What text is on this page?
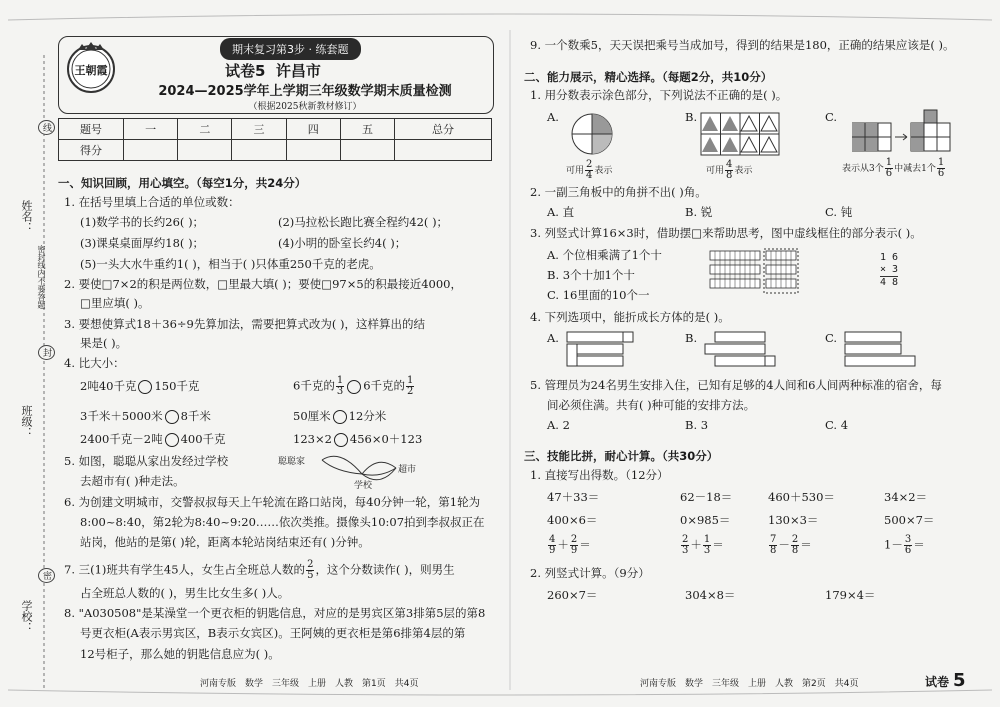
姓名：
班级：
学校：
密封线内不要答题
线
封
密
王朝霞
期末复习第3步 · 练套题
试卷5 许昌市
2024—2025学年上学期三年级数学期末质量检测
（根据2025秋新教材修订）
题号	一	二	三	四	五	总分
得分						
一、知识回顾，用心填空。（每空1分，共24分）
1. 在括号里填上合适的单位或数：
(1)数学书的长约26( )；	(2)马拉松长跑比赛全程约42( )；
(3)课桌桌面厚约18( )；	(4)小明的卧室长约4( )；
(5)一头大水牛重约1( )，相当于( )只体重250千克的老虎。
2. 要使□7×2的积是两位数，□里最大填( )；要使□97×5的积最接近4000，
□里应填( )。
3. 要想使算式18＋36÷9先算加法，需要把算式改为( )，这样算出的结
果是( )。
4. 比大小：
2吨40千克 150千克	6千克的 $\frac{1}{3} 6$千克的 $\frac{1}{2}$
3千米＋5000米 8千米	50厘米 12分米
2400千克－2吨 400千克	123×2 456×0＋123
5. 如图，聪聪从家出发经过学校
去超市有( )种走法。
聪聪家
超市
学校
6. 为创建文明城市，交警叔叔每天上午轮流在路口站岗，每40分钟一轮，第1轮为
8:00~8:40，第2轮为8:40~9:20……依次类推。摄像头10:07拍到李叔叔正在
站岗，他站的是第( )轮，距离本轮站岗结束还有( )分钟。
7. 三(1)班共有学生45人，女生占全班总人数的 $\frac{2}{5}$ ，这个分数读作( )，则男生
占全班总人数的( )，男生比女生多( )人。
8. "A030508"是某澡堂一个更衣柜的钥匙信息，对应的是男宾区第3排第5层的第8
号更衣柜(A表示男宾区，B表示女宾区)。王阿姨的更衣柜是第6排第4层的第
12号柜子，那么她的钥匙信息应为( )。
河南专版　数学　三年级　上册　人教　第1页　共4页
9. 一个数乘5，天天误把乘号当成加号，得到的结果是180，正确的结果应该是( )。
二、能力展示，精心选择。（每题2分，共10分）
1. 用分数表示涂色部分，下列说法不正确的是( )。
A.	B.	C.
可用 $\frac{2}{4}$ 表示	可用 $\frac{4}{8}$ 表示	表示从3个 $\frac{1}{6}$ 中减去1个 $\frac{1}{6}$
2. 一副三角板中的角拼不出( )角。
A. 直	B. 锐	C. 钝
3. 列竖式计算16×3时，借助摆□来帮助思考，图中虚线框住的部分表示( )。
A. 个位相乘满了1个十
B. 3个十加1个十
C. 16里面的10个一
1 6
× 3
4 8
4. 下列选项中，能折成长方体的是( )。
A.	B.	C.
5. 管理员为24名男生安排入住，已知有足够的4人间和6人间两种标准的宿舍，每
间必须住满。共有( )种可能的安排方法。
A. 2	B. 3	C. 4
三、技能比拼，耐心计算。（共30分）
1. 直接写出得数。（12分）
47＋33＝	62－18＝	460＋530＝	34×2＝
400×6＝	0×985＝	130×3＝	500×7＝
$\frac{4}{9} + \frac{2}{9}$ ＝	$\frac{2}{3} + \frac{1}{3}$ ＝	$\frac{7}{8} - \frac{2}{8}$ ＝	$1- \frac{3}{6}$ ＝
2. 列竖式计算。（9分）
260×7＝	304×8＝	179×4＝
河南专版　数学　三年级　上册　人教　第2页　共4页	试卷 5
